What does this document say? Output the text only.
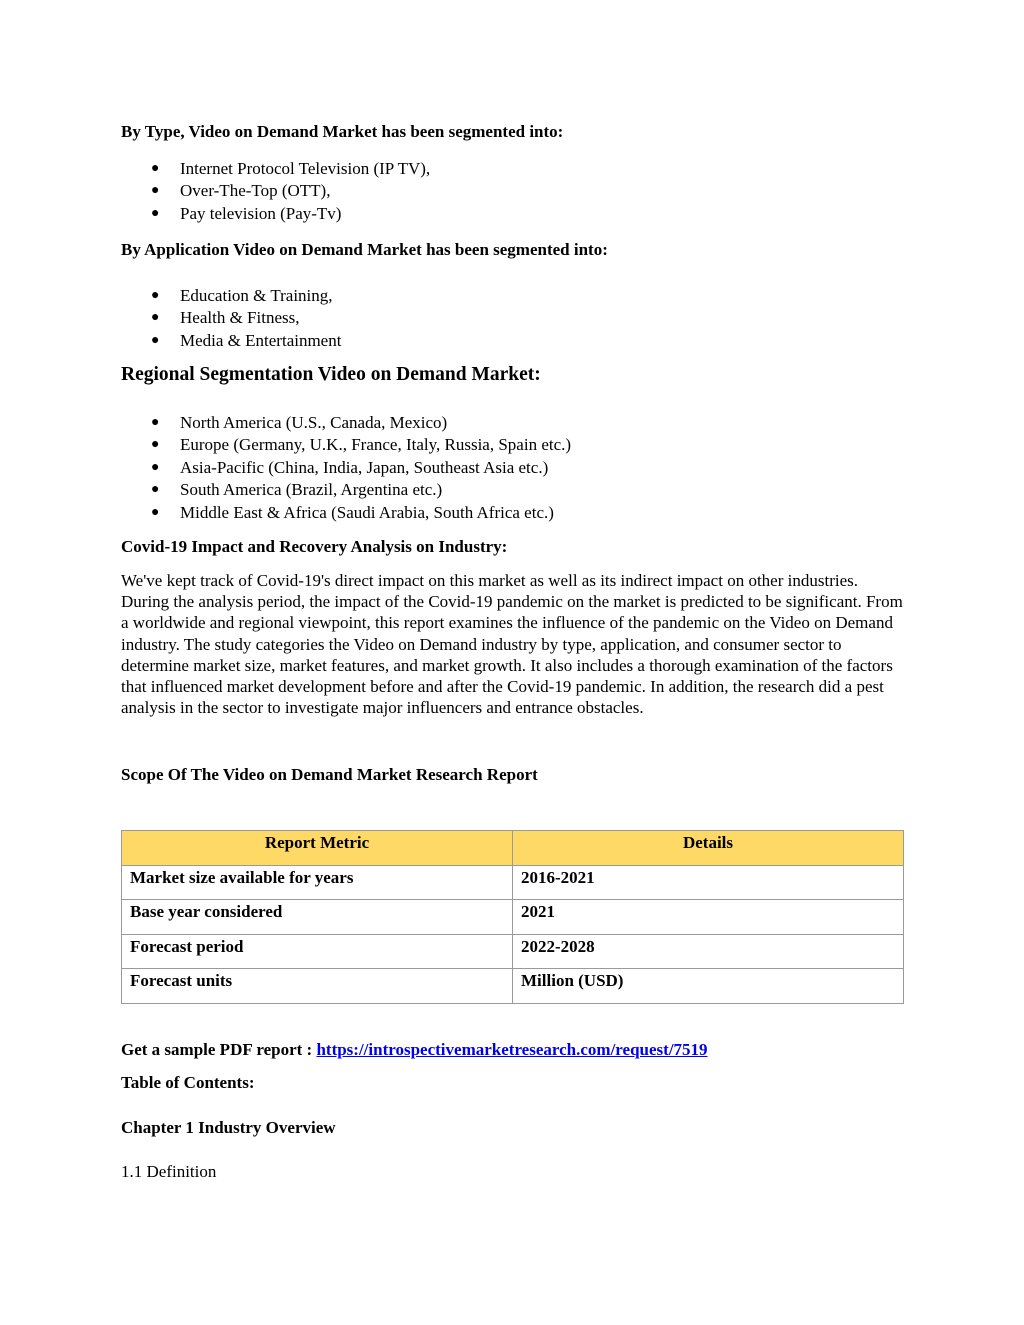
By Type, Video on Demand Market has been segmented into:

● Internet Protocol Television (IP TV),
● Over-The-Top (OTT),
● Pay television (Pay-Tv)

By Application Video on Demand Market has been segmented into:

● Education & Training,
● Health & Fitness,
● Media & Entertainment

Regional Segmentation Video on Demand Market:

● North America (U.S., Canada, Mexico)
● Europe (Germany, U.K., France, Italy, Russia, Spain etc.)
● Asia-Pacific (China, India, Japan, Southeast Asia etc.)
● South America (Brazil, Argentina etc.)
● Middle East & Africa (Saudi Arabia, South Africa etc.)

Covid-19 Impact and Recovery Analysis on Industry:

We've kept track of Covid-19's direct impact on this market as well as its indirect impact on other industries. During the analysis period, the impact of the Covid-19 pandemic on the market is predicted to be significant. From a worldwide and regional viewpoint, this report examines the influence of the pandemic on the Video on Demand industry. The study categories the Video on Demand industry by type, application, and consumer sector to determine market size, market features, and market growth. It also includes a thorough examination of the factors that influenced market development before and after the Covid-19 pandemic. In addition, the research did a pest analysis in the sector to investigate major influencers and entrance obstacles.

Scope Of The Video on Demand Market Research Report

Report Metric	Details
Market size available for years	2016-2021
Base year considered	2021
Forecast period	2022-2028
Forecast units	Million (USD)

Get a sample PDF report : https://introspectivemarketresearch.com/request/7519

Table of Contents:

Chapter 1 Industry Overview

1.1 Definition
